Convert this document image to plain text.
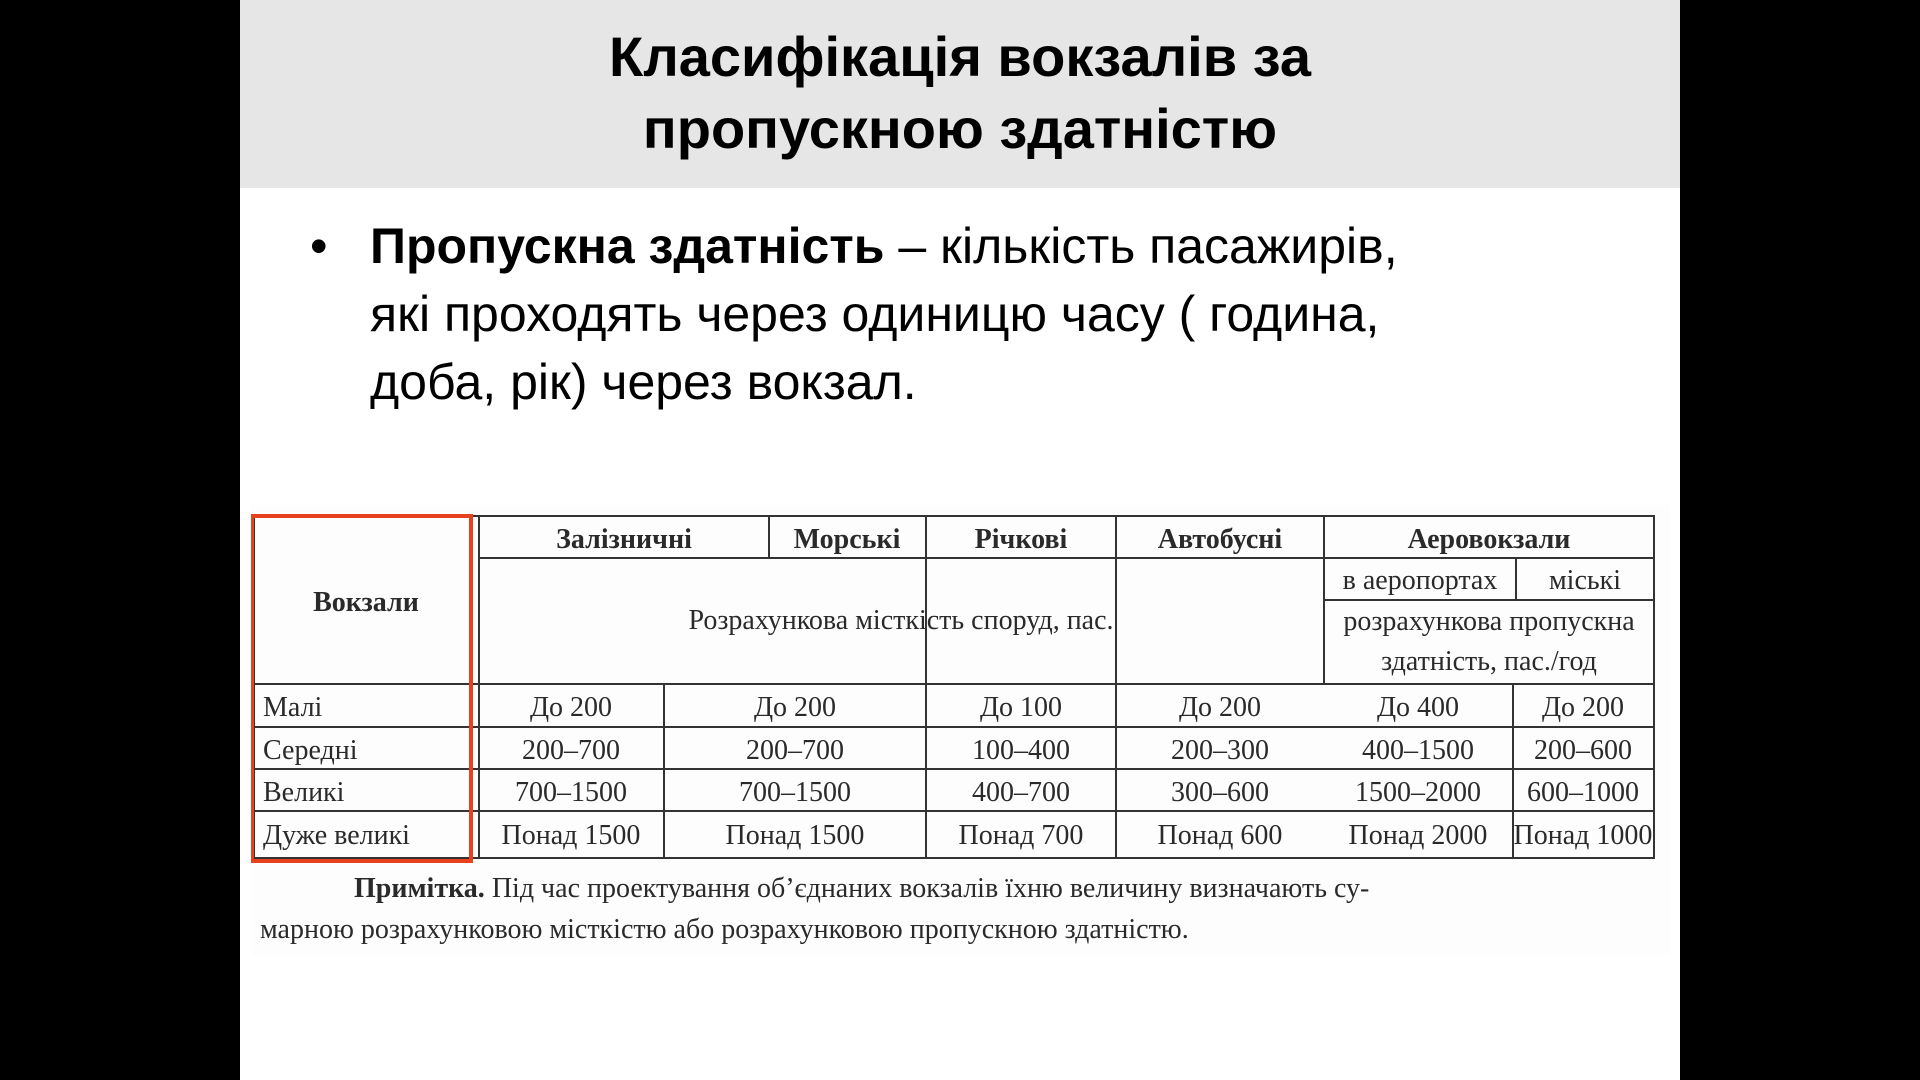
Класифікація вокзалів за
пропускною здатністю
• Пропускна здатність – кількість пасажирів,
які проходять через одиницю часу ( година,
доба, рік) через вокзал.
Вокзали
Залізничні	Морські	Річкові	Автобусні	Аеровокзали
в аеропортах міські
Розрахункова місткість споруд, пас.	розрахункова пропускна
здатність, пас./год
Малі	До 200	До 200	До 100	До 200	До 400	До 200
Середні	200–700	200–700	100–400	200–300	400–1500 200–600
Великі	700–1500	700–1500	400–700	300–600	1500–2000 600–1000
Дуже великі	Понад 1500	Понад 1500	Понад 700	Понад 600 Понад 2000 Понад 1000
Примітка. Під час проектування об’єднаних вокзалів їхню величину визначають су-
марною розрахунковою місткістю або розрахунковою пропускною здатністю.
